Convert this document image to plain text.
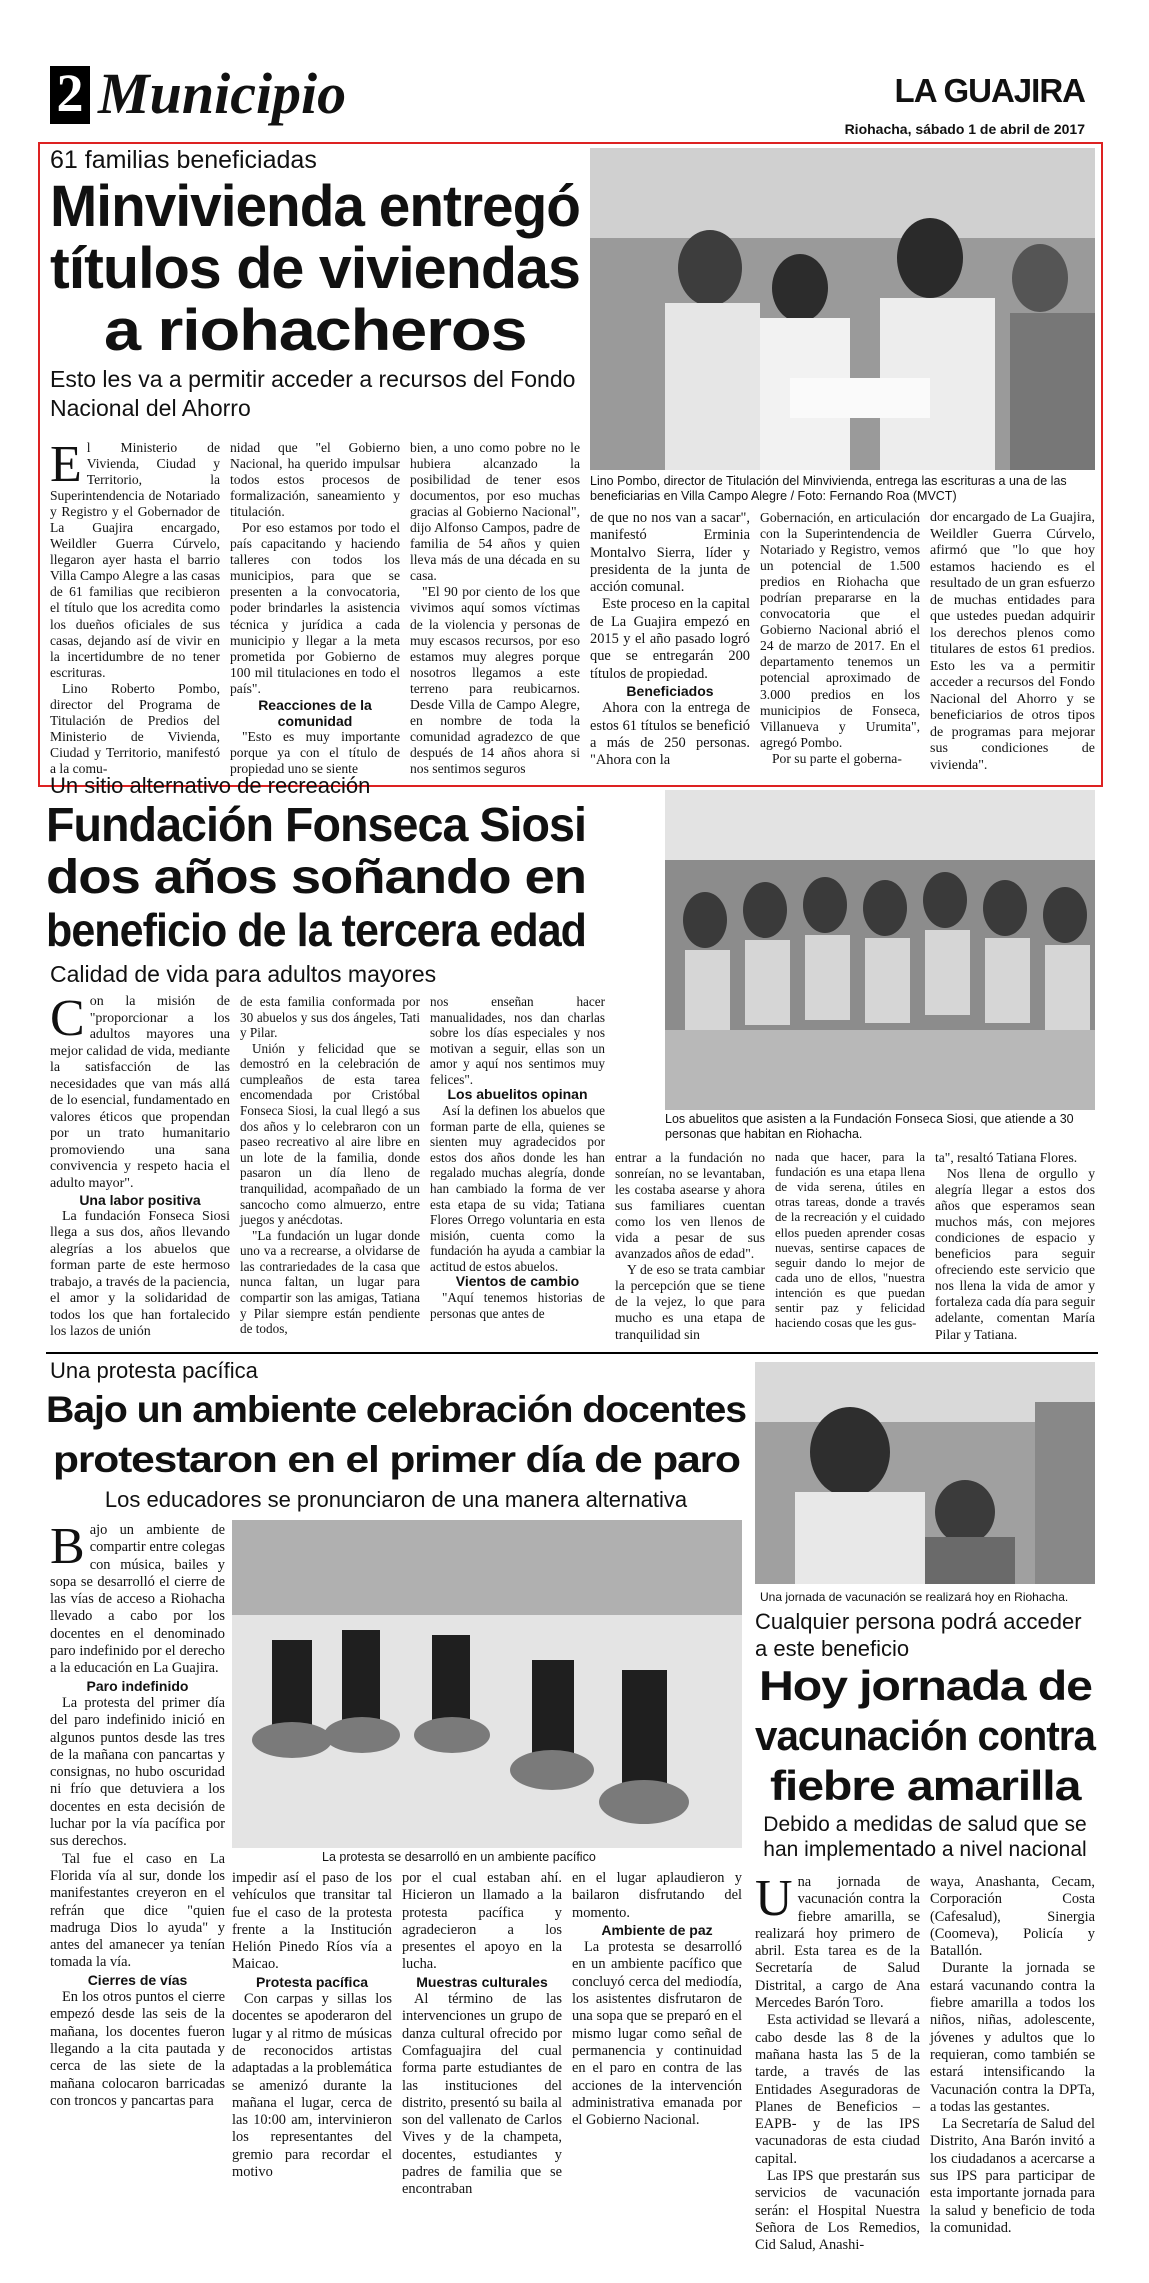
2 Municipio	LA GUAJIRA
Riohacha, sábado 1 de abril de 2017
61 familias beneficiadas
Minvivienda entregó
títulos de viviendas
a riohacheros
Esto les va a permitir acceder a recursos del Fondo Nacional del Ahorro
Lino Pombo, director de Titulación del Minvivienda, entrega las escrituras a una de las beneficiarias en Villa Campo Alegre / Foto: Fernando Roa (MVCT)

El Ministerio de Vivienda, Ciudad y Territorio, la Superintendencia de Notariado y Registro y el Gobernador de La Guajira encargado, Weildler Guerra Cúrvelo, llegaron ayer hasta el barrio Villa Campo Alegre a las casas de 61 familias que recibieron el título que los acredita como los dueños oficiales de sus casas, dejando así de vivir en la incertidumbre de no tener escrituras.

Lino Roberto Pombo, director del Programa de Titulación de Predios del Ministerio de Vivienda, Ciudad y Territorio, manifestó a la comu-

nidad que "el Gobierno Nacional, ha querido impulsar todos estos procesos de formalización, saneamiento y titulación.

Por eso estamos por todo el país capacitando y haciendo talleres con todos los municipios, para que se presenten a la convocatoria, poder brindarles la asistencia técnica y jurídica a cada municipio y llegar a la meta prometida por Gobierno de 100 mil titulaciones en todo el país".

Reacciones de la comunidad

"Esto es muy importante porque ya con el título de propiedad uno se siente

bien, a uno como pobre no le hubiera alcanzado la posibilidad de tener esos documentos, por eso muchas gracias al Gobierno Nacional", dijo Alfonso Campos, padre de familia de 54 años y quien lleva más de una década en su casa.

"El 90 por ciento de los que vivimos aquí somos víctimas de la violencia y personas de muy escasos recursos, por eso estamos muy alegres porque nosotros llegamos a este terreno para reubicarnos. Desde Villa de Campo Alegre, en nombre de toda la comunidad agradezco de que después de 14 años ahora si nos sentimos seguros

de que no nos van a sacar", manifestó Erminia Montalvo Sierra, líder y presidenta de la junta de acción comunal.

Este proceso en la capital de La Guajira empezó en 2015 y el año pasado logró que se entregarán 200 títulos de propiedad.

Beneficiados

Ahora con la entrega de estos 61 títulos se benefició a más de 250 personas. "Ahora con la

Gobernación, en articulación con la Superintendencia de Notariado y Registro, vemos un potencial de 1.500 predios en Riohacha que podrían prepararse en la convocatoria que el Gobierno Nacional abrió el 24 de marzo de 2017. En el departamento tenemos un potencial aproximado de 3.000 predios en los municipios de Fonseca, Villanueva y Urumita", agregó Pombo.

Por su parte el goberna-

dor encargado de La Guajira, Weildler Guerra Cúrvelo, afirmó que "lo que hoy estamos haciendo es el resultado de un gran esfuerzo de muchas entidades para que ustedes puedan adquirir los derechos plenos como titulares de estos 61 predios. Esto les va a permitir acceder a recursos del Fondo Nacional del Ahorro y se beneficiarios de otros tipos de programas para mejorar sus condiciones de vivienda".

Un sitio alternativo de recreación
Fundación Fonseca Siosi
dos años soñando en
beneficio de la tercera edad
Calidad de vida para adultos mayores
Los abuelitos que asisten a la Fundación Fonseca Siosi, que atiende a 30 personas que habitan en Riohacha.

Con la misión de "proporcionar a los adultos mayores una mejor calidad de vida, mediante la satisfacción de las necesidades que van más allá de lo esencial, fundamentado en valores éticos que propendan por un trato humanitario promoviendo una sana convivencia y respeto hacia el adulto mayor".

Una labor positiva

La fundación Fonseca Siosi llega a sus dos, años llevando alegrías a los abuelos que forman parte de este hermoso trabajo, a través de la paciencia, el amor y la solidaridad de todos los que han fortalecido los lazos de unión

de esta familia conformada por 30 abuelos y sus dos ángeles, Tati y Pilar.

Unión y felicidad que se demostró en la celebración de cumpleaños de esta tarea encomendada por Cristóbal Fonseca Siosi, la cual llegó a sus dos años y lo celebraron con un paseo recreativo al aire libre en un lote de la familia, donde pasaron un día lleno de tranquilidad, acompañado de un sancocho como almuerzo, entre juegos y anécdotas.

"La fundación un lugar donde uno va a recrearse, a olvidarse de las contrariedades de la casa que nunca faltan, un lugar para compartir son las amigas, Tatiana y Pilar siempre están pendiente de todos,

nos enseñan hacer manualidades, nos dan charlas sobre los días especiales y nos motivan a seguir, ellas son un amor y aquí nos sentimos muy felices".

Los abuelitos opinan

Así la definen los abuelos que forman parte de ella, quienes se sienten muy agradecidos por estos dos años donde les han regalado muchas alegría, donde han cambiado la forma de ver esta etapa de su vida; Tatiana Flores Orrego voluntaria en esta misión, cuenta como la fundación ha ayuda a cambiar la actitud de estos abuelos.

Vientos de cambio

"Aquí tenemos historias de personas que antes de

entrar a la fundación no sonreían, no se levantaban, les costaba asearse y ahora sus familiares cuentan como los ven llenos de vida a pesar de sus avanzados años de edad".

Y de eso se trata cambiar la percepción que se tiene de la vejez, lo que para mucho es una etapa de tranquilidad sin

nada que hacer, para la fundación es una etapa llena de vida serena, útiles en otras tareas, donde a través de la recreación y el cuidado ellos pueden aprender cosas nuevas, sentirse capaces de seguir dando lo mejor de cada uno de ellos, "nuestra intención es que puedan sentir paz y felicidad haciendo cosas que les gus-

ta", resaltó Tatiana Flores.

Nos llena de orgullo y alegría llegar a estos dos años que esperamos sean muchos más, con mejores condiciones de espacio y beneficios para seguir ofreciendo este servicio que nos llena la vida de amor y fortaleza cada día para seguir adelante, comentan María Pilar y Tatiana.

Una protesta pacífica
Bajo un ambiente celebración docentes
protestaron en el primer día de paro
Los educadores se pronunciaron de una manera alternativa
La protesta se desarrolló en un ambiente pacífico

Bajo un ambiente de compartir entre colegas con música, bailes y sopa se desarrolló el cierre de las vías de acceso a Riohacha llevado a cabo por los docentes en el denominado paro indefinido por el derecho a la educación en La Guajira.

Paro indefinido

La protesta del primer día del paro indefinido inició en algunos puntos desde las tres de la mañana con pancartas y consignas, no hubo oscuridad ni frío que detuviera a los docentes en esta decisión de luchar por la vía pacífica por sus derechos.

Tal fue el caso en La Florida vía al sur, donde los manifestantes creyeron en el refrán que dice "quien madruga Dios lo ayuda" y antes del amanecer ya tenían tomada la vía.

Cierres de vías

En los otros puntos el cierre empezó desde las seis de la mañana, los docentes fueron llegando a la cita pautada y cerca de las siete de la mañana colocaron barricadas con troncos y pancartas para

impedir así el paso de los vehículos que transitar tal fue el caso de la protesta frente a la Institución Helión Pinedo Ríos vía a Maicao.

Protesta pacífica

Con carpas y sillas los docentes se apoderaron del lugar y al ritmo de músicas de reconocidos artistas adaptadas a la problemática se amenizó durante la mañana el lugar, cerca de las 10:00 am, intervinieron los representantes del gremio para recordar el motivo

por el cual estaban ahí. Hicieron un llamado a la protesta pacífica y agradecieron a los presentes el apoyo en la lucha.

Muestras culturales

Al término de las intervenciones un grupo de danza cultural ofrecido por Comfaguajira del cual forma parte estudiantes de las instituciones del distrito, presentó su baila al son del vallenato de Carlos Vives y de la champeta, docentes, estudiantes y padres de familia que se encontraban

en el lugar aplaudieron y bailaron disfrutando del momento.

Ambiente de paz

La protesta se desarrolló en un ambiente pacífico que concluyó cerca del mediodía, los asistentes disfrutaron de una sopa que se preparó en el mismo lugar como señal de permanencia y continuidad en el paro en contra de las acciones de la intervención administrativa emanada por el Gobierno Nacional.

Una jornada de vacunación se realizará hoy en Riohacha.
Cualquier persona podrá acceder a este beneficio
Hoy jornada de
vacunación contra
fiebre amarilla
Debido a medidas de salud que se han implementado a nivel nacional

Una jornada de vacunación contra la fiebre amarilla, se realizará hoy primero de abril. Esta tarea es de la Secretaría de Salud Distrital, a cargo de Ana Mercedes Barón Toro.

Esta actividad se llevará a cabo desde las 8 de la mañana hasta las 5 de la tarde, a través de las Entidades Aseguradoras de Planes de Beneficios –EAPB- y de las IPS vacunadoras de esta ciudad capital.

Las IPS que prestarán sus servicios de vacunación serán: el Hospital Nuestra Señora de Los Remedios, Cid Salud, Anashi-

waya, Anashanta, Cecam, Corporación Costa (Cafesalud), Sinergia (Coomeva), Policía y Batallón.

Durante la jornada se estará vacunando contra la fiebre amarilla a todos los niños, niñas, adolescente, jóvenes y adultos que lo requieran, como también se estará intensificando la Vacunación contra la DPTa, a todas las gestantes.

La Secretaría de Salud del Distrito, Ana Barón invitó a los ciudadanos a acercarse a sus IPS para participar de esta importante jornada para la salud y beneficio de toda la comunidad.
